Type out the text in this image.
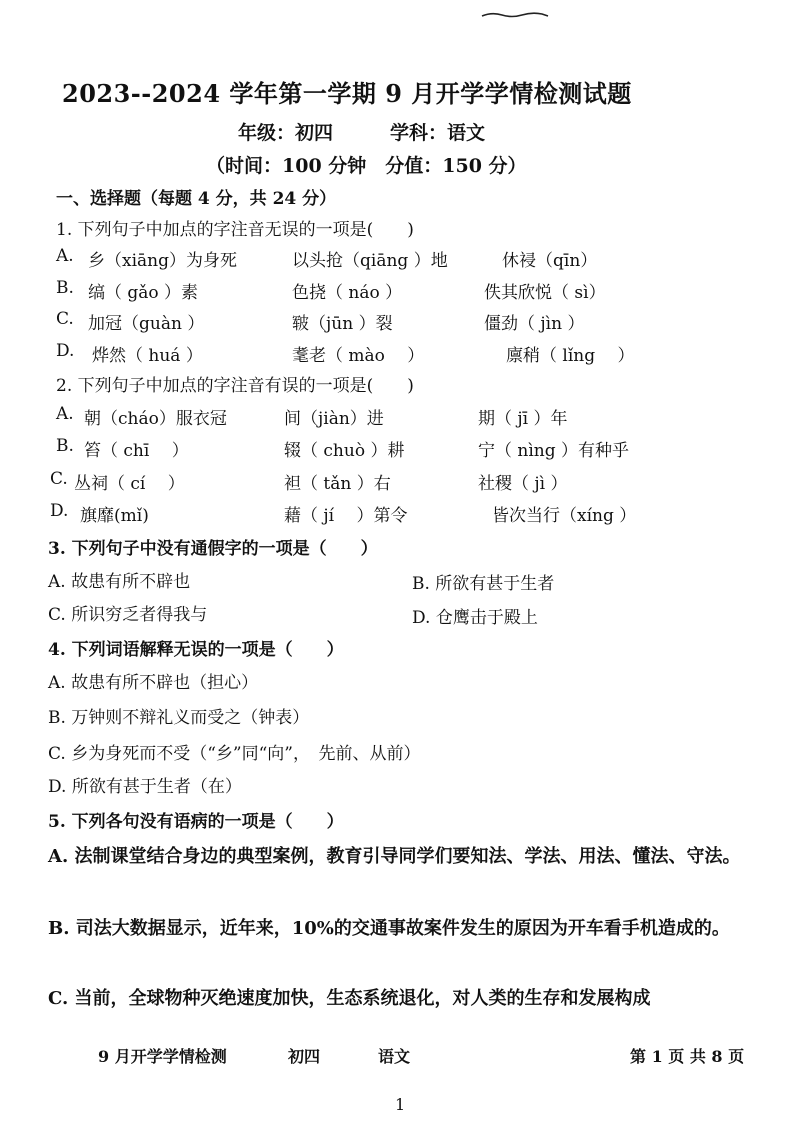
2023--2024 学年第一学期 9 月开学学情检测试题
年级：初四　　　学科：语文
（时间：100 分钟　分值：150 分）
一、选择题（每题 4 分，共 24 分）
1. 下列句子中加点的字注音无误的一项是(　　)
A. 乡（xiāng）为身死	以头抢（qiāng ）地	休祲（qīn）
B. 缟（ gǎo ）素	色挠（ náo ）	佚其欣悦（ sì）
C. 加冠（guàn ）	皲（jūn ）裂	僵劲（ jìn ）
D. 烨然（ huá ）	耄老（ mào 　）	廪稍（ lǐng 　）
2. 下列句子中加点的字注音有误的一项是(　　)
A. 朝（cháo）服衣冠	间（jiàn）进	期（ jī ）年
B. 笞（ chī 　）	辍（ chuò ）耕	宁（ nìng ）有种乎
C. 丛祠（ cí 　）	袒（ tǎn ）右	社稷（ jì ）
D. 旗靡(mǐ)	藉（ jí 　）第令	皆次当行（xíng ）
3. 下列句子中没有通假字的一项是（　　）
A. 故患有所不辟也	B. 所欲有甚于生者
C. 所识穷乏者得我与	D. 仓鹰击于殿上
4. 下列词语解释无误的一项是（　　）
A. 故患有所不辟也（担心）
B. 万钟则不辩礼义而受之（钟表）
C. 乡为身死而不受（“乡”同“向”，　先前、从前）
D. 所欲有甚于生者（在）
5. 下列各句没有语病的一项是（　　）
A. 法制课堂结合身边的典型案例，教育引导同学们要知法、学法、用法、懂法、守法。
B. 司法大数据显示，近年来，10%的交通事故案件发生的原因为开车看手机造成的。
C. 当前，全球物种灭绝速度加快，生态系统退化，对人类的生存和发展构成
9 月开学学情检测	初四	语文	第 1 页 共 8 页
1
